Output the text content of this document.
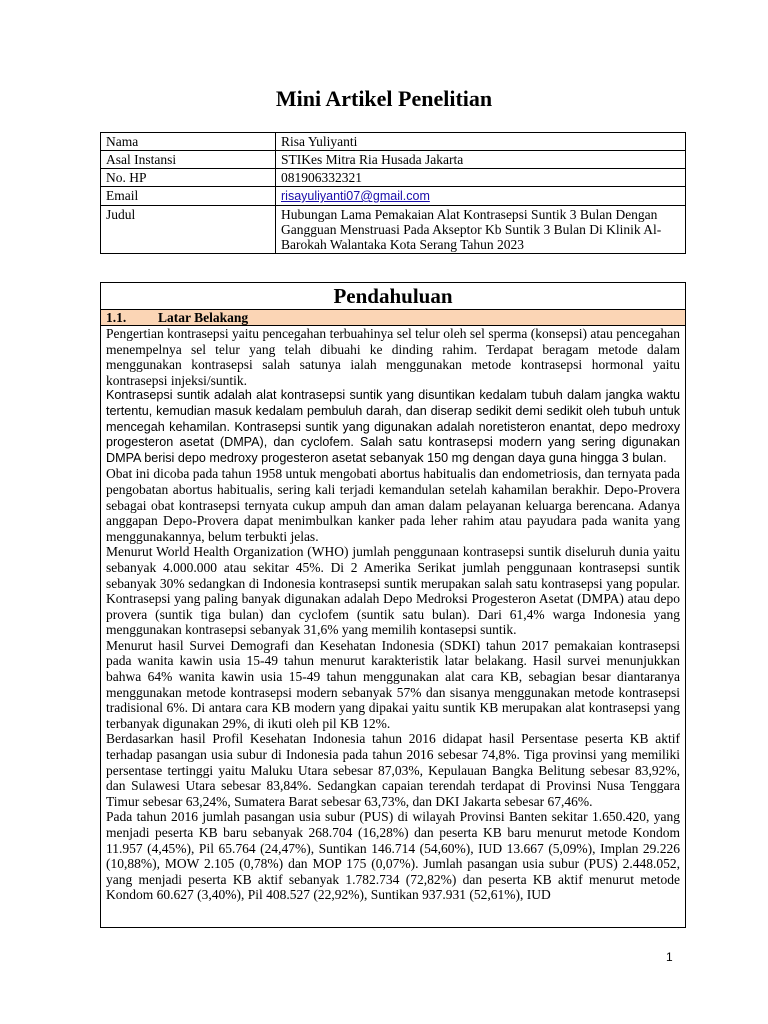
Mini Artikel Penelitian
Nama	Risa Yuliyanti
Asal Instansi	STIKes Mitra Ria Husada Jakarta
No. HP	081906332321
Email	risayuliyanti07@gmail.com
Judul	Hubungan Lama Pemakaian Alat Kontrasepsi Suntik 3 Bulan Dengan Gangguan Menstruasi Pada Akseptor Kb Suntik 3 Bulan Di Klinik Al-Barokah Walantaka Kota Serang Tahun 2023
Pendahuluan
1.1. Latar Belakang

Pengertian kontrasepsi yaitu pencegahan terbuahinya sel telur oleh sel sperma (konsepsi) atau pencegahan menempelnya sel telur yang telah dibuahi ke dinding rahim. Terdapat beragam metode dalam menggunakan kontrasepsi salah satunya ialah menggunakan metode kontrasepsi hormonal yaitu kontrasepsi injeksi/suntik.

Kontrasepsi suntik adalah alat kontrasepsi suntik yang disuntikan kedalam tubuh dalam jangka waktu tertentu, kemudian masuk kedalam pembuluh darah, dan diserap sedikit demi sedikit oleh tubuh untuk mencegah kehamilan. Kontrasepsi suntik yang digunakan adalah noretisteron enantat, depo medroxy progesteron asetat (DMPA), dan cyclofem. Salah satu kontrasepsi modern yang sering digunakan DMPA berisi depo medroxy progesteron asetat sebanyak 150 mg dengan daya guna hingga 3 bulan.

Obat ini dicoba pada tahun 1958 untuk mengobati abortus habitualis dan endometriosis, dan ternyata pada pengobatan abortus habitualis, sering kali terjadi kemandulan setelah kahamilan berakhir. Depo-Provera sebagai obat kontrasepsi ternyata cukup ampuh dan aman dalam pelayanan keluarga berencana. Adanya anggapan Depo-Provera dapat menimbulkan kanker pada leher rahim atau payudara pada wanita yang menggunakannya, belum terbukti jelas.

Menurut World Health Organization (WHO) jumlah penggunaan kontrasepsi suntik diseluruh dunia yaitu sebanyak 4.000.000 atau sekitar 45%. Di 2 Amerika Serikat jumlah penggunaan kontrasepsi suntik sebanyak 30% sedangkan di Indonesia kontrasepsi suntik merupakan salah satu kontrasepsi yang popular. Kontrasepsi yang paling banyak digunakan adalah Depo Medroksi Progesteron Asetat (DMPA) atau depo provera (suntik tiga bulan) dan cyclofem (suntik satu bulan). Dari 61,4% warga Indonesia yang menggunakan kontrasepsi sebanyak 31,6% yang memilih kontasepsi suntik.

Menurut hasil Survei Demografi dan Kesehatan Indonesia (SDKI) tahun 2017 pemakaian kontrasepsi pada wanita kawin usia 15-49 tahun menurut karakteristik latar belakang. Hasil survei menunjukkan bahwa 64% wanita kawin usia 15-49 tahun menggunakan alat cara KB, sebagian besar diantaranya menggunakan metode kontrasepsi modern sebanyak 57% dan sisanya menggunakan metode kontrasepsi tradisional 6%. Di antara cara KB modern yang dipakai yaitu suntik KB merupakan alat kontrasepsi yang terbanyak digunakan 29%, di ikuti oleh pil KB 12%.

Berdasarkan hasil Profil Kesehatan Indonesia tahun 2016 didapat hasil Persentase peserta KB aktif terhadap pasangan usia subur di Indonesia pada tahun 2016 sebesar 74,8%. Tiga provinsi yang memiliki persentase tertinggi yaitu Maluku Utara sebesar 87,03%, Kepulauan Bangka Belitung sebesar 83,92%, dan Sulawesi Utara sebesar 83,84%. Sedangkan capaian terendah terdapat di Provinsi Nusa Tenggara Timur sebesar 63,24%, Sumatera Barat sebesar 63,73%, dan DKI Jakarta sebesar 67,46%.

Pada tahun 2016 jumlah pasangan usia subur (PUS) di wilayah Provinsi Banten sekitar 1.650.420, yang menjadi peserta KB baru sebanyak 268.704 (16,28%) dan peserta KB baru menurut metode Kondom 11.957 (4,45%), Pil 65.764 (24,47%), Suntikan 146.714 (54,60%), IUD 13.667 (5,09%), Implan 29.226 (10,88%), MOW 2.105 (0,78%) dan MOP 175 (0,07%). Jumlah pasangan usia subur (PUS) 2.448.052, yang menjadi peserta KB aktif sebanyak 1.782.734 (72,82%) dan peserta KB aktif menurut metode Kondom 60.627 (3,40%), Pil 408.527 (22,92%), Suntikan 937.931 (52,61%), IUD

1
